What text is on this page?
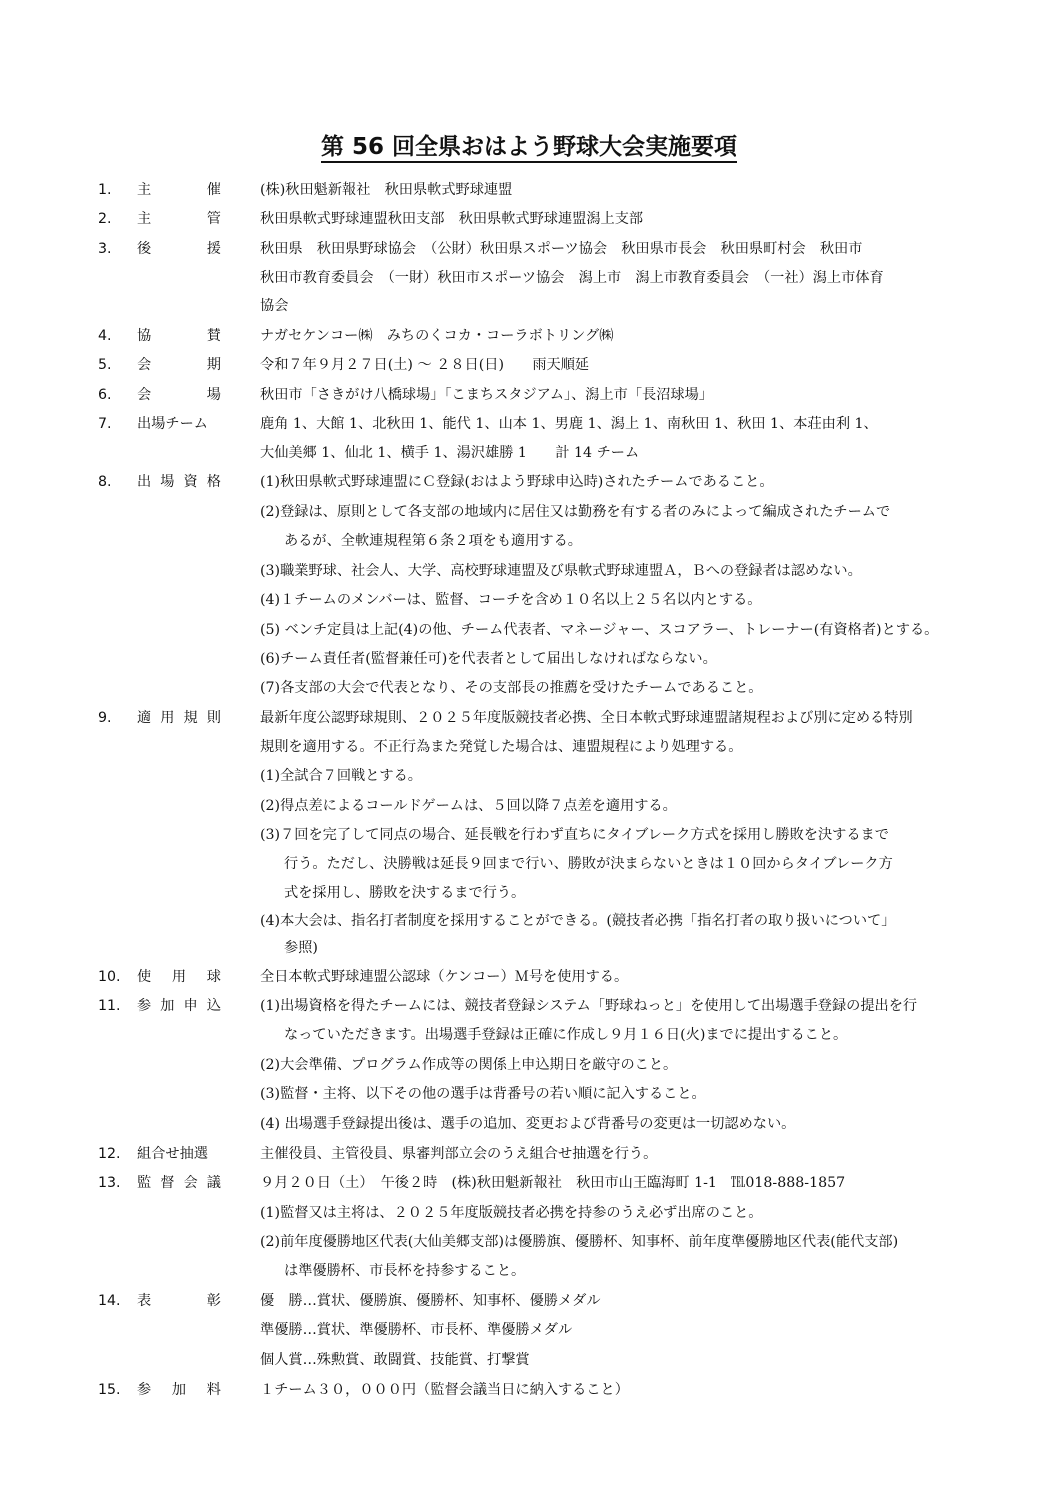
第 56 回全県おはよう野球大会実施要項
1. 主	催	(株)秋田魁新報社　秋田県軟式野球連盟
2. 主	管	秋田県軟式野球連盟秋田支部　秋田県軟式野球連盟潟上支部
3. 後	援	秋田県　秋田県野球協会　（公財）秋田県スポーツ協会　秋田県市長会　秋田県町村会　秋田市
秋田市教育委員会　（一財）秋田市スポーツ協会　潟上市　潟上市教育委員会　（一社）潟上市体育
協会
4. 協	賛	ナガセケンコー㈱　みちのくコカ・コーラボトリング㈱
5. 会	期	令和７年９月２７日(土) 〜 ２８日(日)　　雨天順延
6. 会	場	秋田市「さきがけ八橋球場」「こまちスタジアム」、潟上市「長沼球場」
7. 出場チーム	鹿角 1、大館 1、北秋田 1、能代 1、山本 1、男鹿 1、潟上 1、南秋田 1、秋田 1、本荘由利 1、
大仙美郷 1、仙北 1、横手 1、湯沢雄勝 1　　計 14 チーム
8. 出 場 資 格	(1)秋田県軟式野球連盟にＣ登録(おはよう野球申込時)されたチームであること。
(2)登録は、原則として各支部の地域内に居住又は勤務を有する者のみによって編成されたチームで
あるが、全軟連規程第６条２項をも適用する。
(3)職業野球、社会人、大学、高校野球連盟及び県軟式野球連盟Ａ，Ｂへの登録者は認めない。
(4)１チームのメンバーは、監督、コーチを含め１０名以上２５名以内とする。
(5) ベンチ定員は上記(4)の他、チーム代表者、マネージャー、スコアラー、トレーナー(有資格者)とする。
(6)チーム責任者(監督兼任可)を代表者として届出しなければならない。
(7)各支部の大会で代表となり、その支部長の推薦を受けたチームであること。
9. 適 用 規 則	最新年度公認野球規則、２０２５年度版競技者必携、全日本軟式野球連盟諸規程および別に定める特別
規則を適用する。不正行為また発覚した場合は、連盟規程により処理する。
(1)全試合７回戦とする。
(2)得点差によるコールドゲームは、５回以降７点差を適用する。
(3)７回を完了して同点の場合、延長戦を行わず直ちにタイブレーク方式を採用し勝敗を決するまで
行う。ただし、決勝戦は延長９回まで行い、勝敗が決まらないときは１０回からタイブレーク方
式を採用し、勝敗を決するまで行う。
(4)本大会は、指名打者制度を採用することができる。(競技者必携「指名打者の取り扱いについて」
参照)
10. 使 用 球	全日本軟式野球連盟公認球（ケンコー）Ｍ号を使用する。
11. 参 加 申 込	(1)出場資格を得たチームには、競技者登録システム「野球ねっと」を使用して出場選手登録の提出を行
なっていただきます。出場選手登録は正確に作成し９月１６日(火)までに提出すること。
(2)大会準備、プログラム作成等の関係上申込期日を厳守のこと。
(3)監督・主将、以下その他の選手は背番号の若い順に記入すること。
(4) 出場選手登録提出後は、選手の追加、変更および背番号の変更は一切認めない。
12. 組合せ抽選	主催役員、主管役員、県審判部立会のうえ組合せ抽選を行う。
13. 監 督 会 議	９月２０日（土）　午後２時　(株)秋田魁新報社　秋田市山王臨海町 1-1　℡018-888-1857
(1)監督又は主将は、２０２５年度版競技者必携を持参のうえ必ず出席のこと。
(2)前年度優勝地区代表(大仙美郷支部)は優勝旗、優勝杯、知事杯、前年度準優勝地区代表(能代支部)
は準優勝杯、市長杯を持参すること。
14. 表	彰	優　勝…賞状、優勝旗、優勝杯、知事杯、優勝メダル
準優勝…賞状、準優勝杯、市長杯、準優勝メダル
個人賞…殊勲賞、敢闘賞、技能賞、打撃賞
15. 参 加 料	１チーム３０，０００円（監督会議当日に納入すること）
